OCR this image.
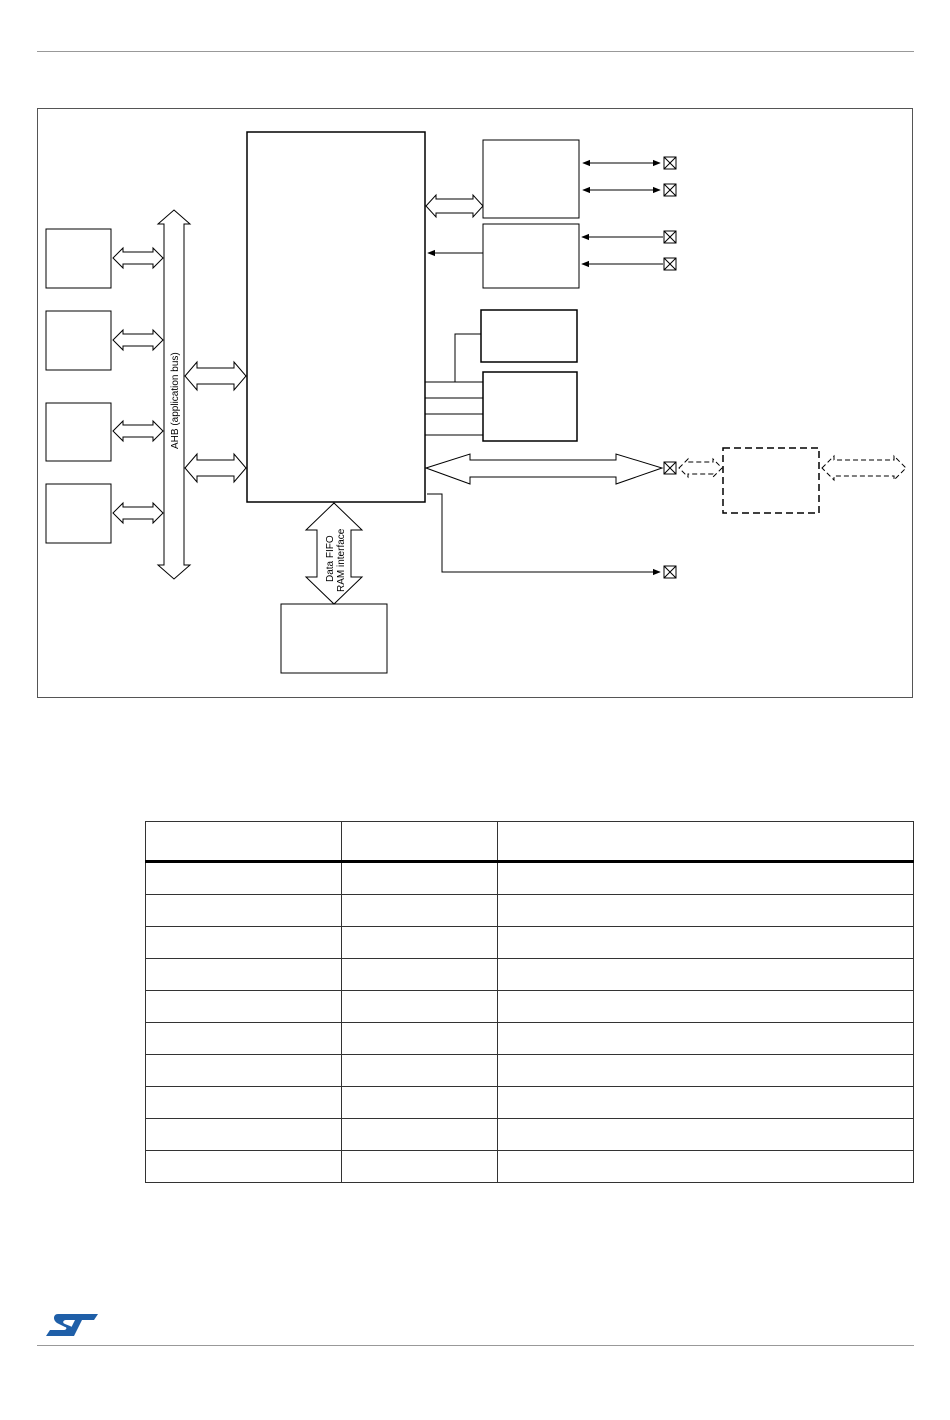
AHB (application bus)
Data FIFO RAM interface
